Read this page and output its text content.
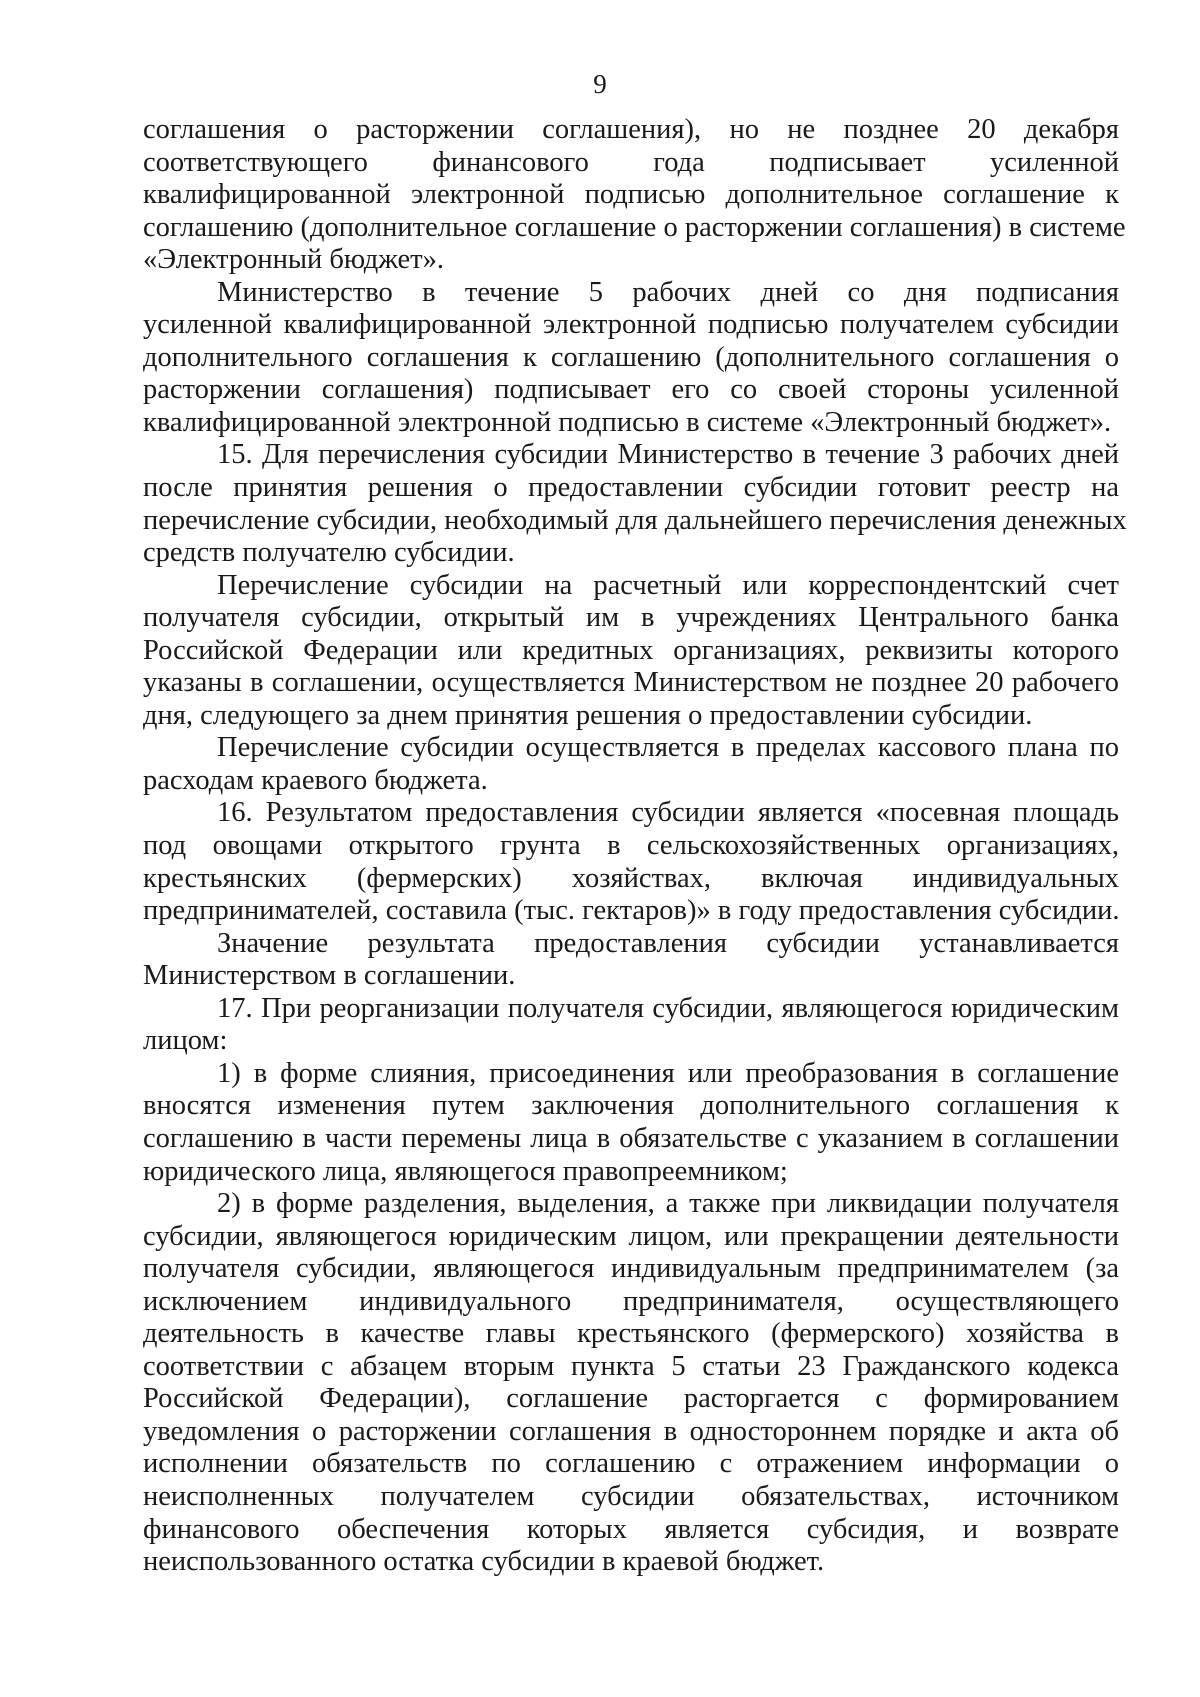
9
соглашения о расторжении соглашения), но не позднее 20 декабря
соответствующего финансового года подписывает усиленной
квалифицированной электронной подписью дополнительное соглашение к
соглашению (дополнительное соглашение о расторжении соглашения) в системе
«Электронный бюджет».
Министерство в течение 5 рабочих дней со дня подписания
усиленной квалифицированной электронной подписью получателем субсидии
дополнительного соглашения к соглашению (дополнительного соглашения о
расторжении соглашения) подписывает его со своей стороны усиленной
квалифицированной электронной подписью в системе «Электронный бюджет».
15. Для перечисления субсидии Министерство в течение 3 рабочих дней
после принятия решения о предоставлении субсидии готовит реестр на
перечисление субсидии, необходимый для дальнейшего перечисления денежных
средств получателю субсидии.
Перечисление субсидии на расчетный или корреспондентский счет
получателя субсидии, открытый им в учреждениях Центрального банка
Российской Федерации или кредитных организациях, реквизиты которого
указаны в соглашении, осуществляется Министерством не позднее 20 рабочего
дня, следующего за днем принятия решения о предоставлении субсидии.
Перечисление субсидии осуществляется в пределах кассового плана по
расходам краевого бюджета.
16. Результатом предоставления субсидии является «посевная площадь
под овощами открытого грунта в сельскохозяйственных организациях,
крестьянских (фермерских) хозяйствах, включая индивидуальных
предпринимателей, составила (тыс. гектаров)» в году предоставления субсидии.
Значение результата предоставления субсидии устанавливается
Министерством в соглашении.
17. При реорганизации получателя субсидии, являющегося юридическим
лицом:
1) в форме слияния, присоединения или преобразования в соглашение
вносятся изменения путем заключения дополнительного соглашения к
соглашению в части перемены лица в обязательстве с указанием в соглашении
юридического лица, являющегося правопреемником;
2) в форме разделения, выделения, а также при ликвидации получателя
субсидии, являющегося юридическим лицом, или прекращении деятельности
получателя субсидии, являющегося индивидуальным предпринимателем (за
исключением индивидуального предпринимателя, осуществляющего
деятельность в качестве главы крестьянского (фермерского) хозяйства в
соответствии с абзацем вторым пункта 5 статьи 23 Гражданского кодекса
Российской Федерации), соглашение расторгается с формированием
уведомления о расторжении соглашения в одностороннем порядке и акта об
исполнении обязательств по соглашению с отражением информации о
неисполненных получателем субсидии обязательствах, источником
финансового обеспечения которых является субсидия, и возврате
неиспользованного остатка субсидии в краевой бюджет.
